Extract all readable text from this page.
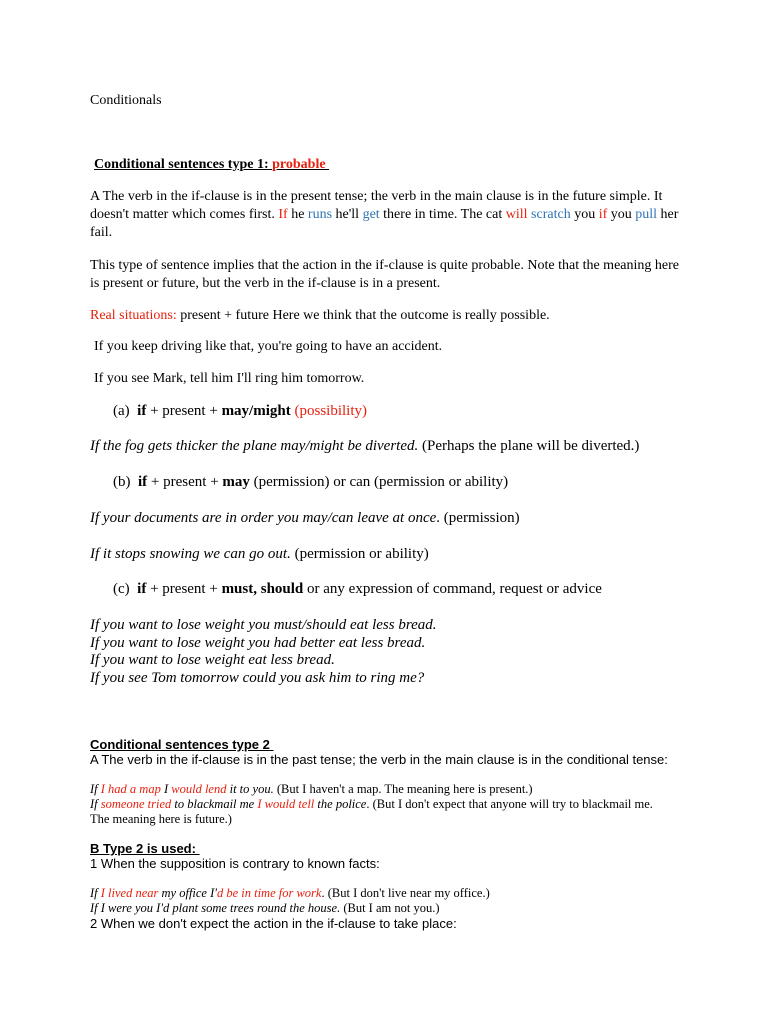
Conditionals
Conditional sentences type 1: probable
A The verb in the if-clause is in the present tense; the verb in the main clause is in the future simple. It doesn't matter which comes first. If he runs he'll get there in time. The cat will scratch you if you pull her fail.
This type of sentence implies that the action in the if-clause is quite probable. Note that the meaning here is present or future, but the verb in the if-clause is in a present.
Real situations: present + future Here we think that the outcome is really possible.
If you keep driving like that, you're going to have an accident.
If you see Mark, tell him I'll ring him tomorrow.
(a) if + present + may/might (possibility)
If the fog gets thicker the plane may/might be diverted. (Perhaps the plane will be diverted.)
(b) if + present + may (permission) or can (permission or ability)
If your documents are in order you may/can leave at once. (permission)
If it stops snowing we can go out. (permission or ability)
(c) if + present + must, should or any expression of command, request or advice
If you want to lose weight you must/should eat less bread.
If you want to lose weight you had better eat less bread.
If you want to lose weight eat less bread.
If you see Tom tomorrow could you ask him to ring me?
Conditional sentences type 2
A The verb in the if-clause is in the past tense; the verb in the main clause is in the conditional tense:
If I had a map I would lend it to you. (But I haven't a map. The meaning here is present.)
If someone tried to blackmail me I would tell the police. (But I don't expect that anyone will try to blackmail me. The meaning here is future.)
B Type 2 is used:
1 When the supposition is contrary to known facts:
If I lived near my office I'd be in time for work. (But I don't live near my office.)
If I were you I'd plant some trees round the house. (But I am not you.)
2 When we don't expect the action in the if-clause to take place:
